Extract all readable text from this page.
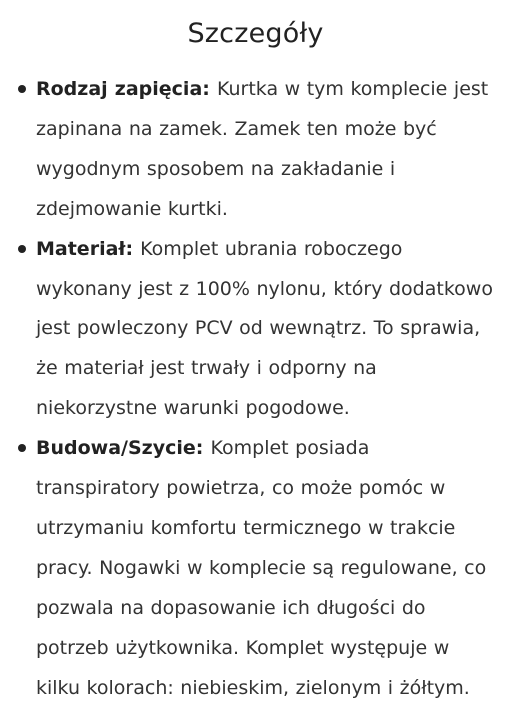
Szczegóły
Rodzaj zapięcia: Kurtka w tym komplecie jest zapinana na zamek. Zamek ten może być wygodnym sposobem na zakładanie i zdejmowanie kurtki.
Materiał: Komplet ubrania roboczego wykonany jest z 100% nylonu, który dodatkowo jest powleczony PCV od wewnątrz. To sprawia, że materiał jest trwały i odporny na niekorzystne warunki pogodowe.
Budowa/Szycie: Komplet posiada transpiratory powietrza, co może pomóc w utrzymaniu komfortu termicznego w trakcie pracy. Nogawki w komplecie są regulowane, co pozwala na dopasowanie ich długości do potrzeb użytkownika. Komplet występuje w kilku kolorach: niebieskim, zielonym i żółtym.
